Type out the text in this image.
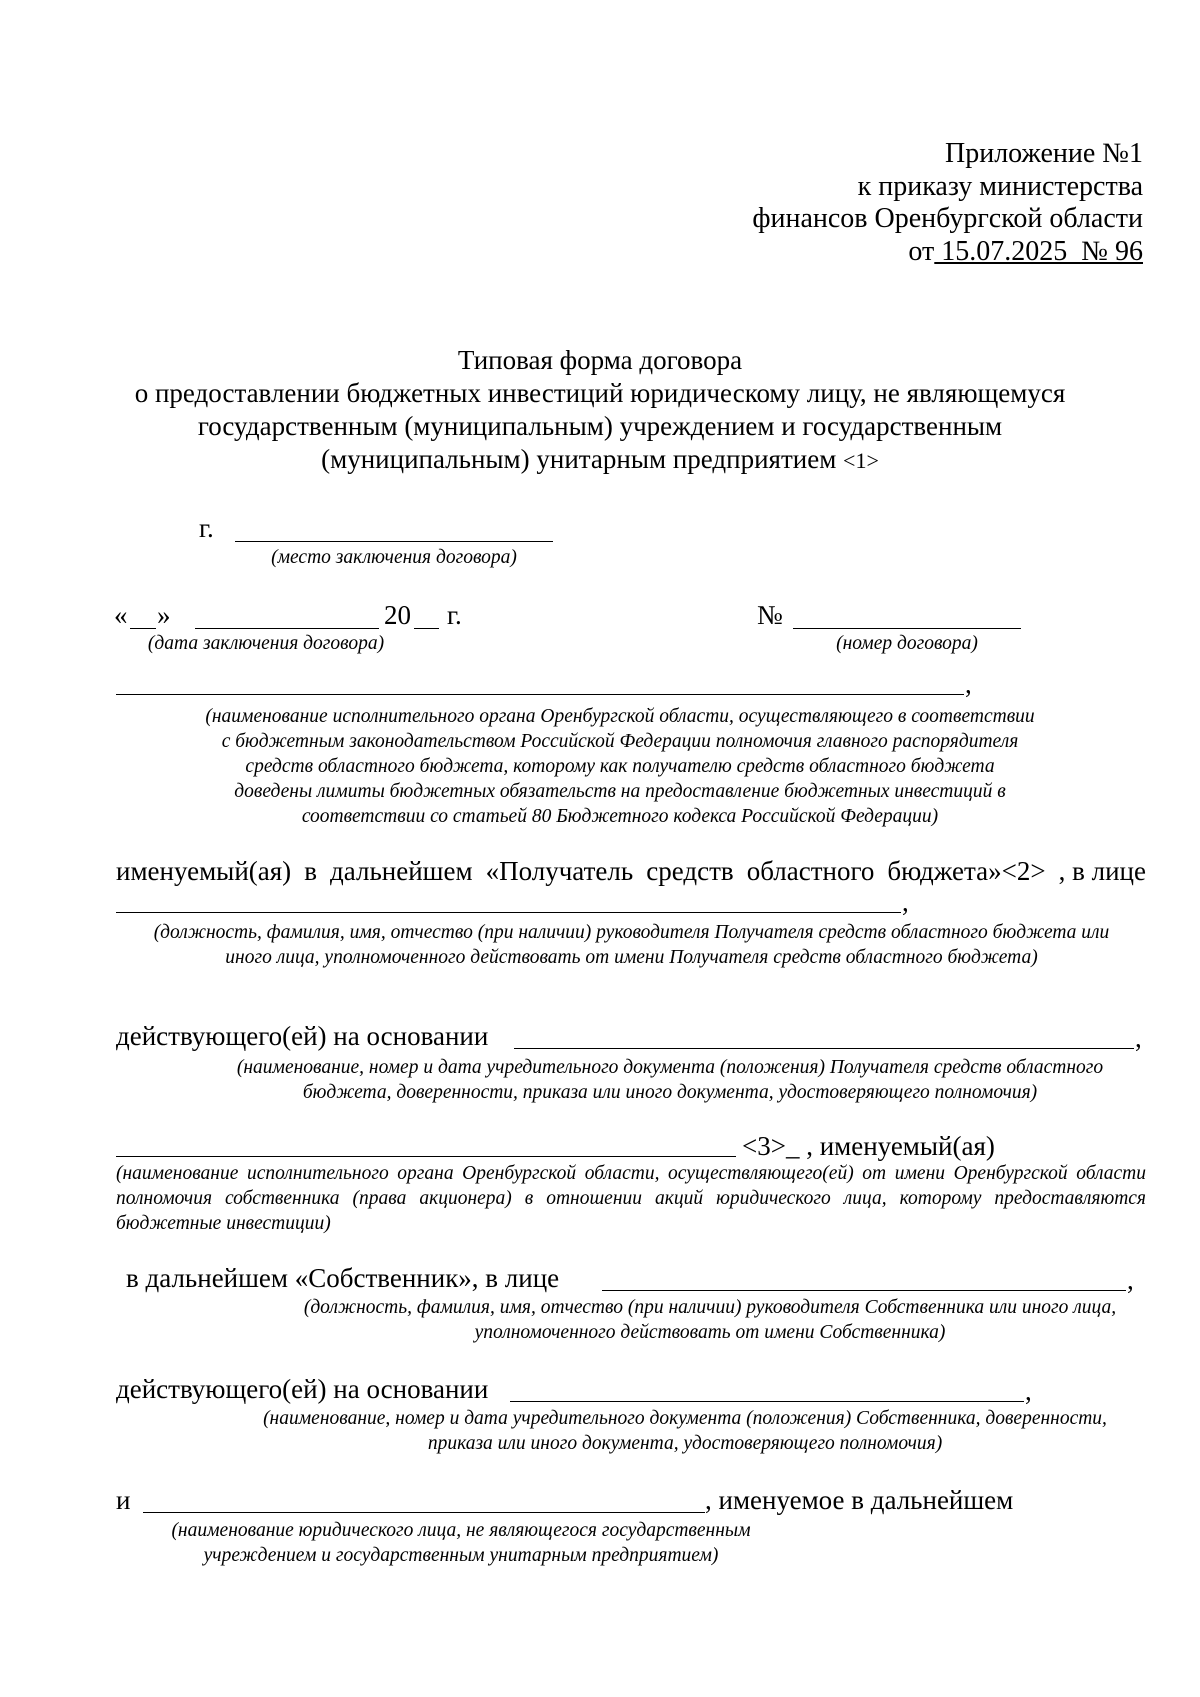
Приложение №1
к приказу министерства
финансов Оренбургской области
от 15.07.2025  № 96
Типовая форма договора
о предоставлении бюджетных инвестиций юридическому лицу, не являющемуся
государственным (муниципальным) учреждением и государственным
(муниципальным) унитарным предприятием <1>
г.
(место заключения договора)
« »	20 г.
(дата заключения договора)
№
(номер договора)
,
(наименование исполнительного органа Оренбургской области, осуществляющего в соответствии с бюджетным законодательством Российской Федерации полномочия главного распорядителя средств областного бюджета, которому как получателю средств областного бюджета доведены лимиты бюджетных обязательств на предоставление бюджетных инвестиций в соответствии со статьей 80 Бюджетного кодекса Российской Федерации)
именуемый(ая) в дальнейшем «Получатель средств областного бюджета»<2> , в лице
,
(должность, фамилия, имя, отчество (при наличии) руководителя Получателя средств областного бюджета или иного лица, уполномоченного действовать от имени Получателя средств областного бюджета)
действующего(ей) на основании	,
(наименование, номер и дата учредительного документа (положения) Получателя средств областного бюджета, доверенности, приказа или иного документа, удостоверяющего полномочия)
<3>_ , именуемый(ая)
(наименование исполнительного органа Оренбургской области, осуществляющего(ей) от имени Оренбургской области полномочия собственника (права акционера) в отношении акций юридического лица, которому предоставляются бюджетные инвестиции)
в дальнейшем «Собственник», в лице	,
(должность, фамилия, имя, отчество (при наличии) руководителя Собственника или иного лица, уполномоченного действовать от имени Собственника)
действующего(ей) на основании	,
(наименование, номер и дата учредительного документа (положения) Собственника, доверенности, приказа или иного документа, удостоверяющего полномочия)
и	, именуемое в дальнейшем
(наименование юридического лица, не являющегося государственным учреждением и государственным унитарным предприятием)
